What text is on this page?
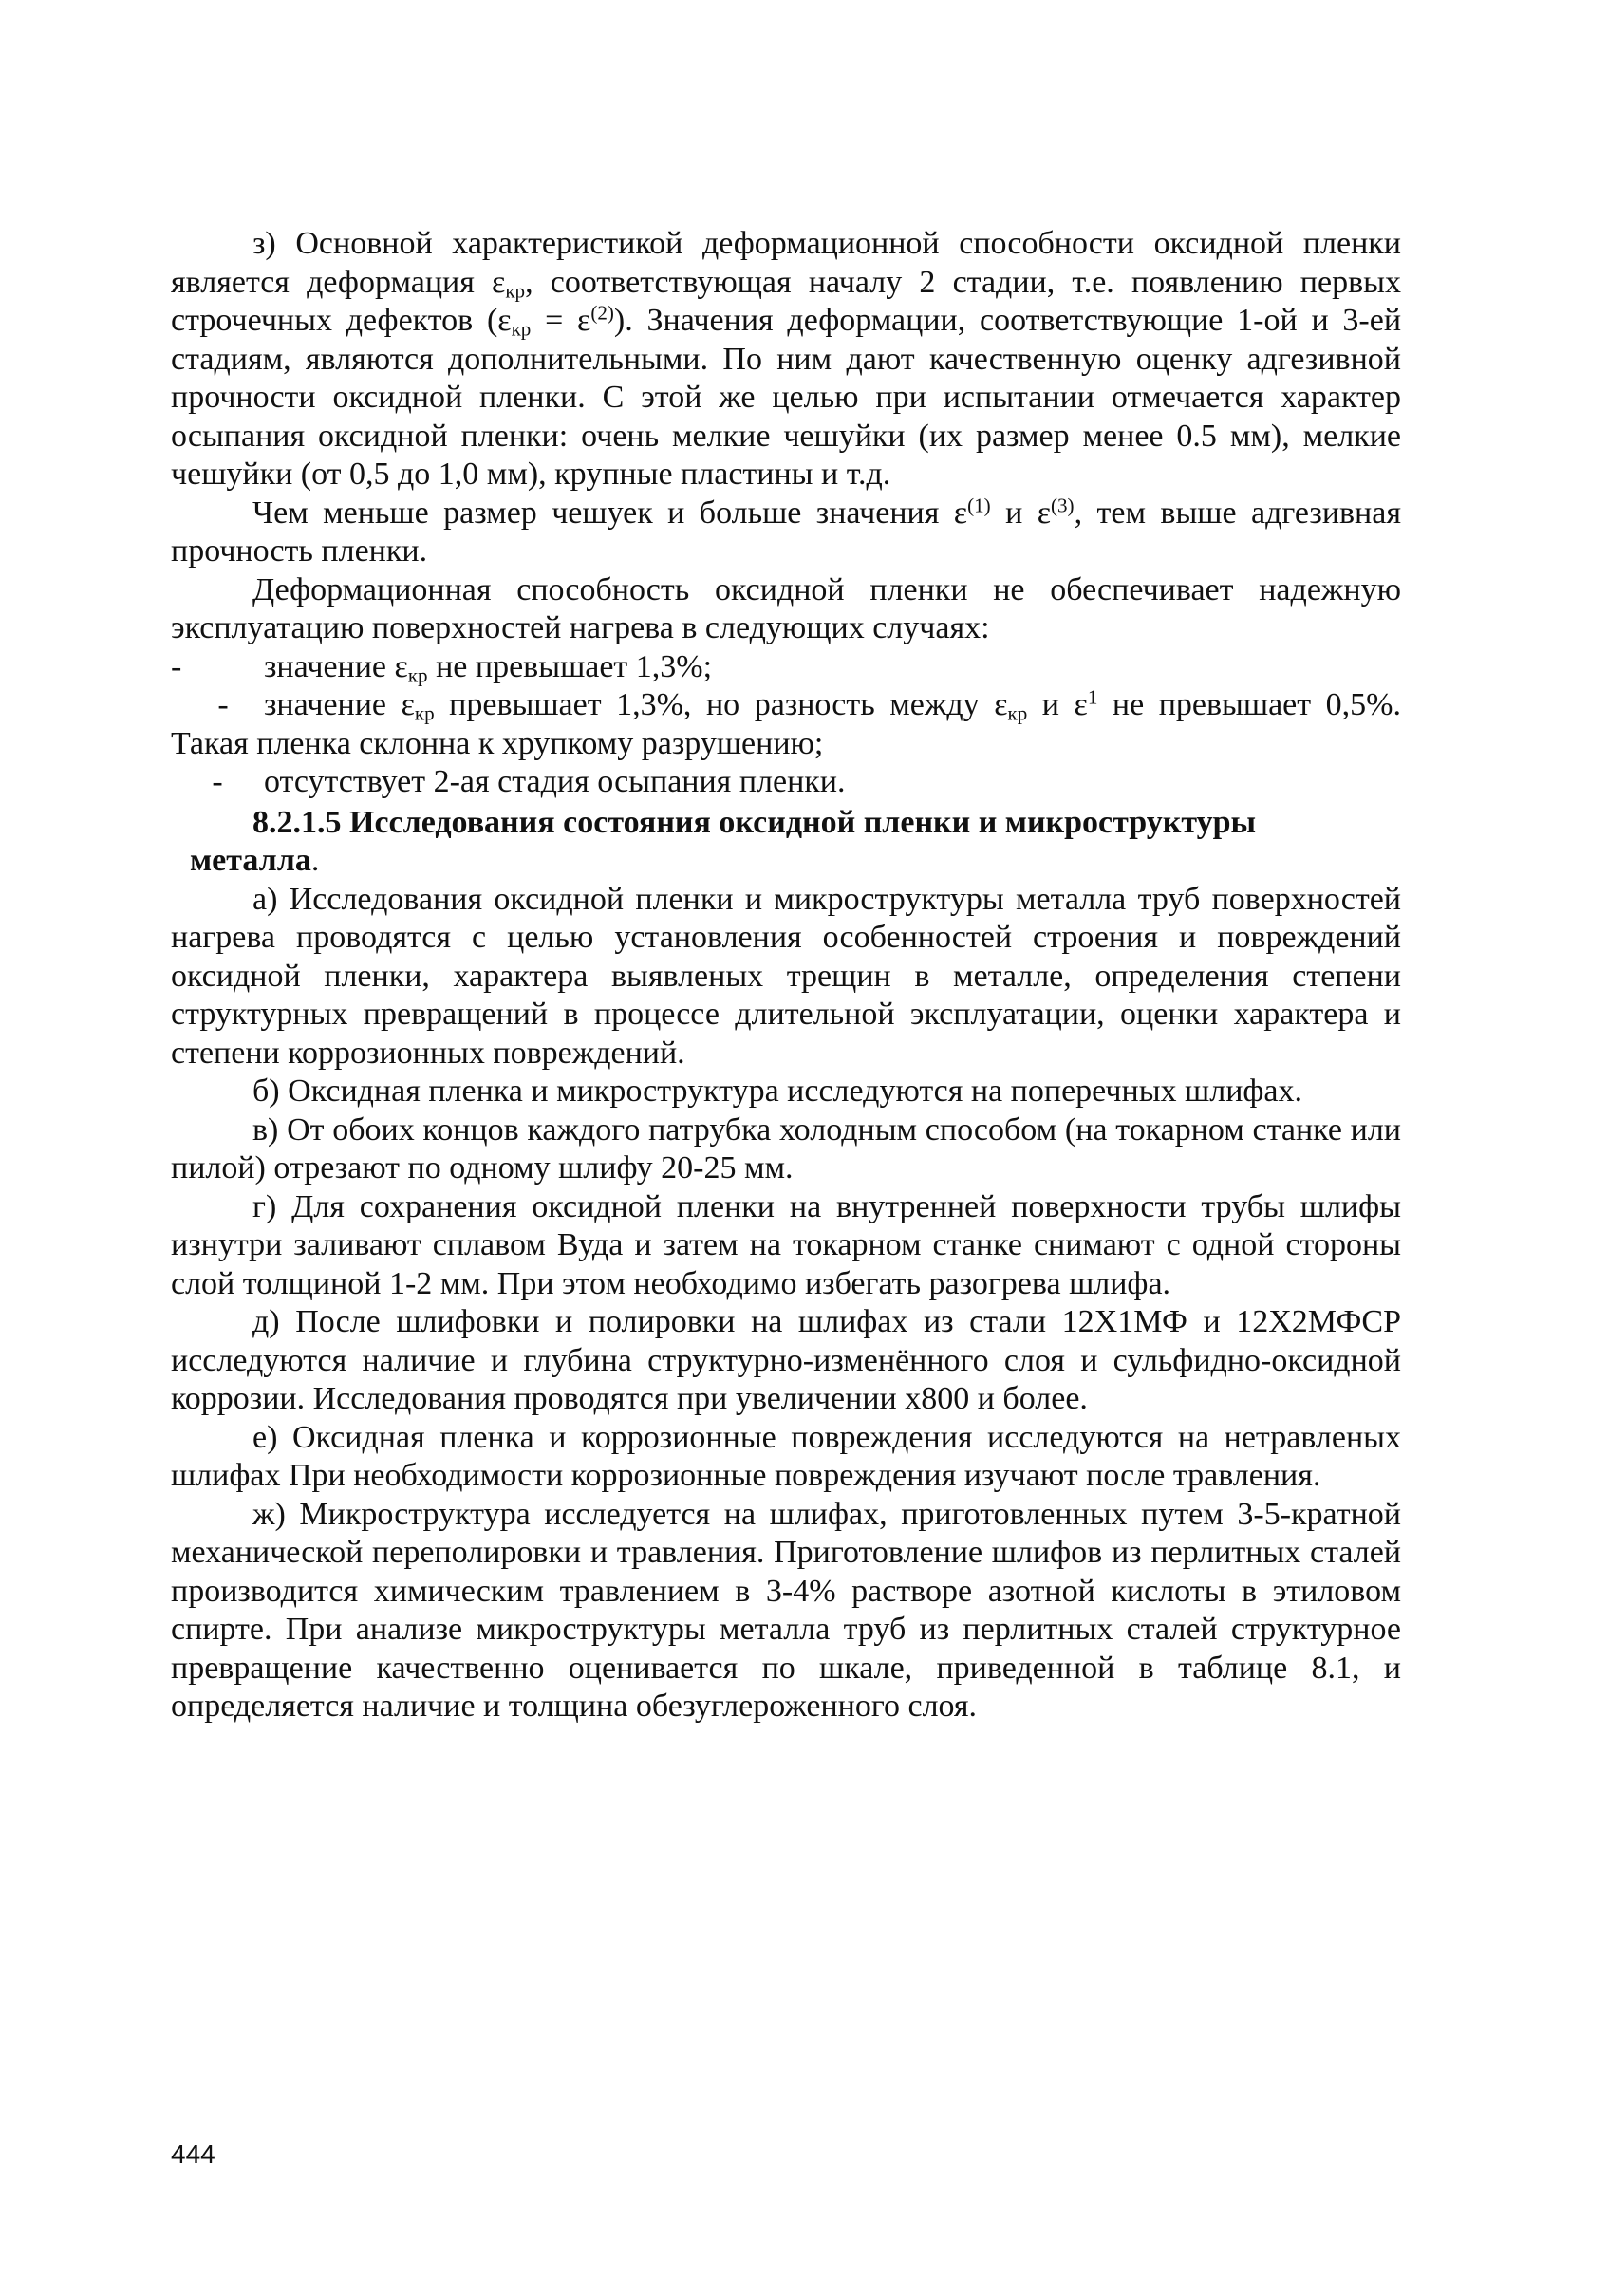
з) Основной характеристикой деформационной способности оксидной пленки является деформация $\varepsilon_{кр}$, соответствующая началу 2 стадии, т.е. появлению первых строчечных дефектов $(\varepsilon_{кр} = \varepsilon^{(2)})$. Значения деформации, соответствующие 1-ой и 3-ей стадиям, являются дополнительными. По ним дают качественную оценку адгезивной прочности оксидной пленки. С этой же целью при испытании отмечается характер осыпания оксидной пленки: очень мелкие чешуйки (их размер менее 0.5 мм), мелкие чешуйки (от 0,5 до 1,0 мм), крупные пластины и т.д.

Чем меньше размер чешуек и больше значения $\varepsilon^{(1)}$ и $\varepsilon^{(3)}$, тем выше адгезивная прочность пленки.

Деформационная способность оксидной пленки не обеспечивает надежную эксплуатацию поверхностей нагрева в следующих случаях:

-	значение $\varepsilon_{кр}$ не превышает 1,3%;

- значение $\varepsilon_{кр}$ превышает 1,3%, но разность между $\varepsilon_{кр}$ и $\varepsilon^1$ не превышает 0,5%. Такая пленка склонна к хрупкому разрушению;

- отсутствует 2-ая стадия осыпания пленки.

8.2.1.5 Исследования состояния оксидной пленки и микроструктуры
металла.

а) Исследования оксидной пленки и микроструктуры металла труб поверхностей нагрева проводятся с целью установления особенностей строения и повреждений оксидной пленки, характера выявленых трещин в металле, определения степени структурных превращений в процессе длительной эксплуатации, оценки характера и степени коррозионных повреждений.

б) Оксидная пленка и микроструктура исследуются на поперечных шлифах.

в) От обоих концов каждого патрубка холодным способом (на токарном станке или пилой) отрезают по одному шлифу 20-25 мм.

г) Для сохранения оксидной пленки на внутренней поверхности трубы шлифы изнутри заливают сплавом Вуда и затем на токарном станке снимают с одной стороны слой толщиной 1-2 мм. При этом необходимо избегать разогрева шлифа.

д) После шлифовки и полировки на шлифах из стали 12Х1МФ и 12Х2МФСР исследуются наличие и глубина структурно-изменённого слоя и сульфидно-оксидной коррозии. Исследования проводятся при увеличении х800 и более.

е) Оксидная пленка и коррозионные повреждения исследуются на нетравленых шлифах При необходимости коррозионные повреждения изучают после травления.

ж) Микроструктура исследуется на шлифах, приготовленных путем 3-5-кратной механической переполировки и травления. Приготовление шлифов из перлитных сталей производится химическим травлением в 3-4% растворе азотной кислоты в этиловом спирте. При анализе микроструктуры металла труб из перлитных сталей структурное превращение качественно оценивается по шкале, приведенной в таблице 8.1, и определяется наличие и толщина обезуглероженного слоя.

444
